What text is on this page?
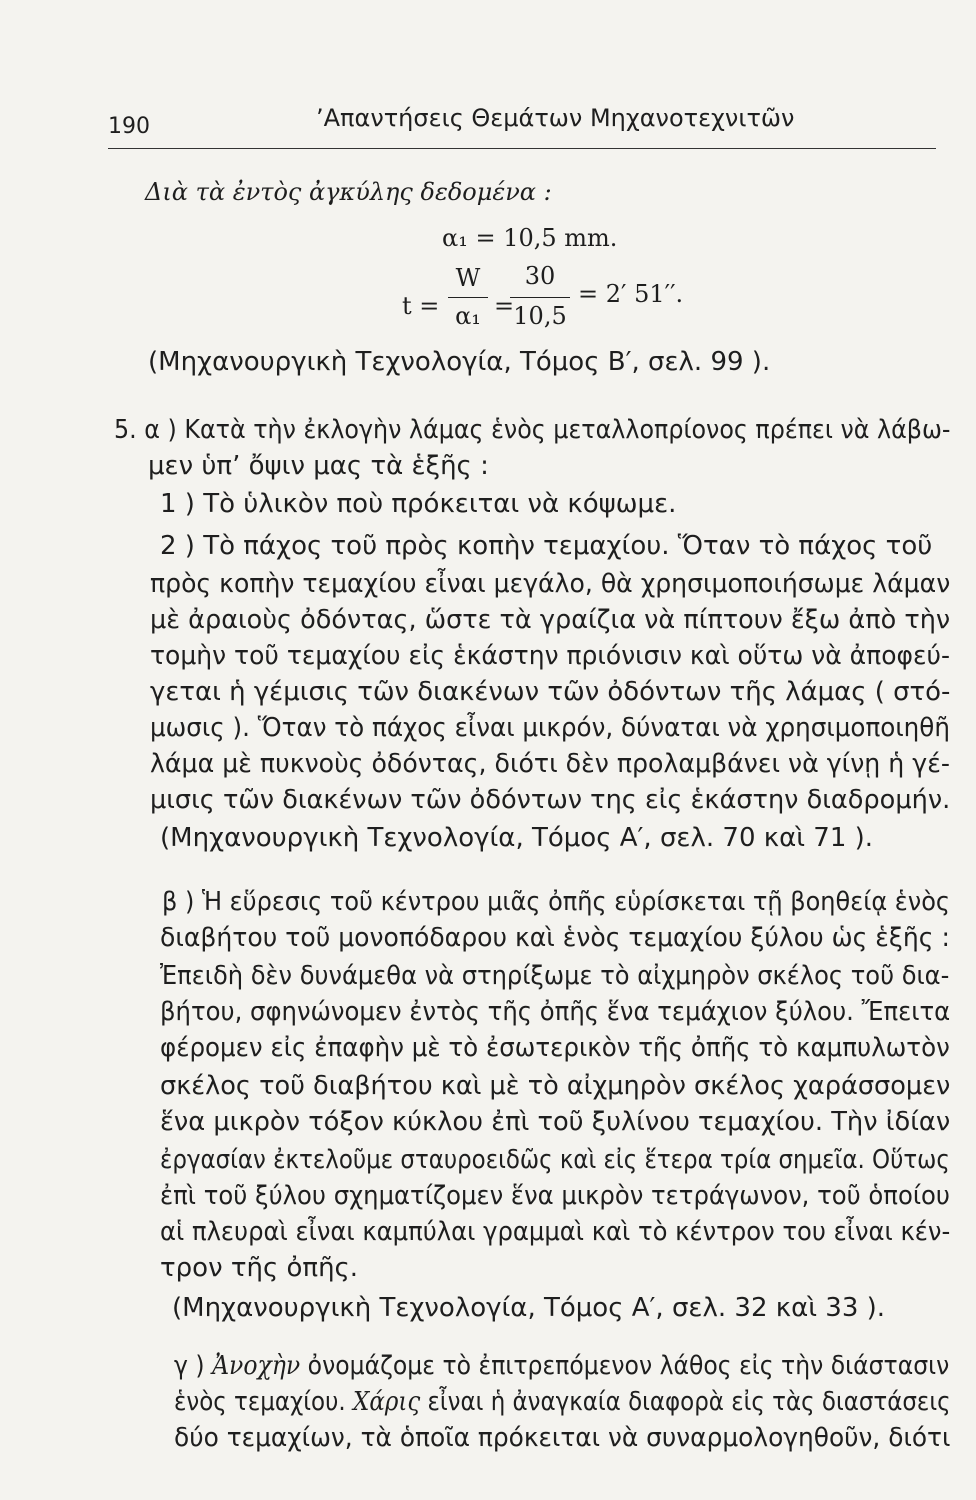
190	’Απαντήσεις Θεμάτων Μηχανοτεχνιτῶν
Διὰ τὰ ἐντὸς ἀγκύλης δεδομένα :
α₁ = 10,5 mm.
t =
W
α₁ =
30
10,5
= 2′ 51′′.
(Μηχανουργικὴ Τεχνολογία, Τόμος Β′, σελ. 99 ).
5. α ) Κατὰ τὴν ἐκλογὴν λάμας ἑνὸς μεταλλοπρίονος πρέπει νὰ λάβω-
μεν ὑπ’ ὄψιν μας τὰ ἑξῆς :
1 ) Τὸ ὑλικὸν ποὺ πρόκειται νὰ κόψωμε.
2 ) Τὸ πάχος τοῦ πρὸς κοπὴν τεμαχίου. Ὅταν τὸ πάχος τοῦ
πρὸς κοπὴν τεμαχίου εἶναι μεγάλο, θὰ χρησιμοποιήσωμε λάμαν
μὲ ἀραιοὺς ὀδόντας, ὥστε τὰ γραίζια νὰ πίπτουν ἔξω ἀπὸ τὴν
τομὴν τοῦ τεμαχίου εἰς ἑκάστην πριόνισιν καὶ οὕτω νὰ ἀποφεύ-
γεται ἡ γέμισις τῶν διακένων τῶν ὀδόντων τῆς λάμας ( στό-
μωσις ). Ὅταν τὸ πάχος εἶναι μικρόν, δύναται νὰ χρησιμοποιηθῆ
λάμα μὲ πυκνοὺς ὀδόντας, διότι δὲν προλαμβάνει νὰ γίνῃ ἡ γέ-
μισις τῶν διακένων τῶν ὀδόντων της εἰς ἑκάστην διαδρομήν.
(Μηχανουργικὴ Τεχνολογία, Τόμος Α′, σελ. 70 καὶ 71 ).
β ) Ἡ εὕρεσις τοῦ κέντρου μιᾶς ὀπῆς εὑρίσκεται τῇ βοηθείᾳ ἑνὸς
διαβήτου τοῦ μονοπόδαρου καὶ ἑνὸς τεμαχίου ξύλου ὡς ἑξῆς :
Ἐπειδὴ δὲν δυνάμεθα νὰ στηρίξωμε τὸ αἰχμηρὸν σκέλος τοῦ δια-
βήτου, σφηνώνομεν ἐντὸς τῆς ὀπῆς ἕνα τεμάχιον ξύλου. Ἔπειτα
φέρομεν εἰς ἐπαφὴν μὲ τὸ ἐσωτερικὸν τῆς ὀπῆς τὸ καμπυλωτὸν
σκέλος τοῦ διαβήτου καὶ μὲ τὸ αἰχμηρὸν σκέλος χαράσσομεν
ἕνα μικρὸν τόξον κύκλου ἐπὶ τοῦ ξυλίνου τεμαχίου. Τὴν ἰδίαν
ἐργασίαν ἐκτελοῦμε σταυροειδῶς καὶ εἰς ἕτερα τρία σημεῖα. Οὕτως
ἐπὶ τοῦ ξύλου σχηματίζομεν ἕνα μικρὸν τετράγωνον, τοῦ ὁποίου
αἱ πλευραὶ εἶναι καμπύλαι γραμμαὶ καὶ τὸ κέντρον του εἶναι κέν-
τρον τῆς ὀπῆς.
(Μηχανουργικὴ Τεχνολογία, Τόμος Α′, σελ. 32 καὶ 33 ).
γ ) Ἀνοχὴν ὀνομάζομε τὸ ἐπιτρεπόμενον λάθος εἰς τὴν διάστασιν
ἑνὸς τεμαχίου. Χάρις εἶναι ἡ ἀναγκαία διαφορὰ εἰς τὰς διαστάσεις
δύο τεμαχίων, τὰ ὁποῖα πρόκειται νὰ συναρμολογηθοῦν, διότι
